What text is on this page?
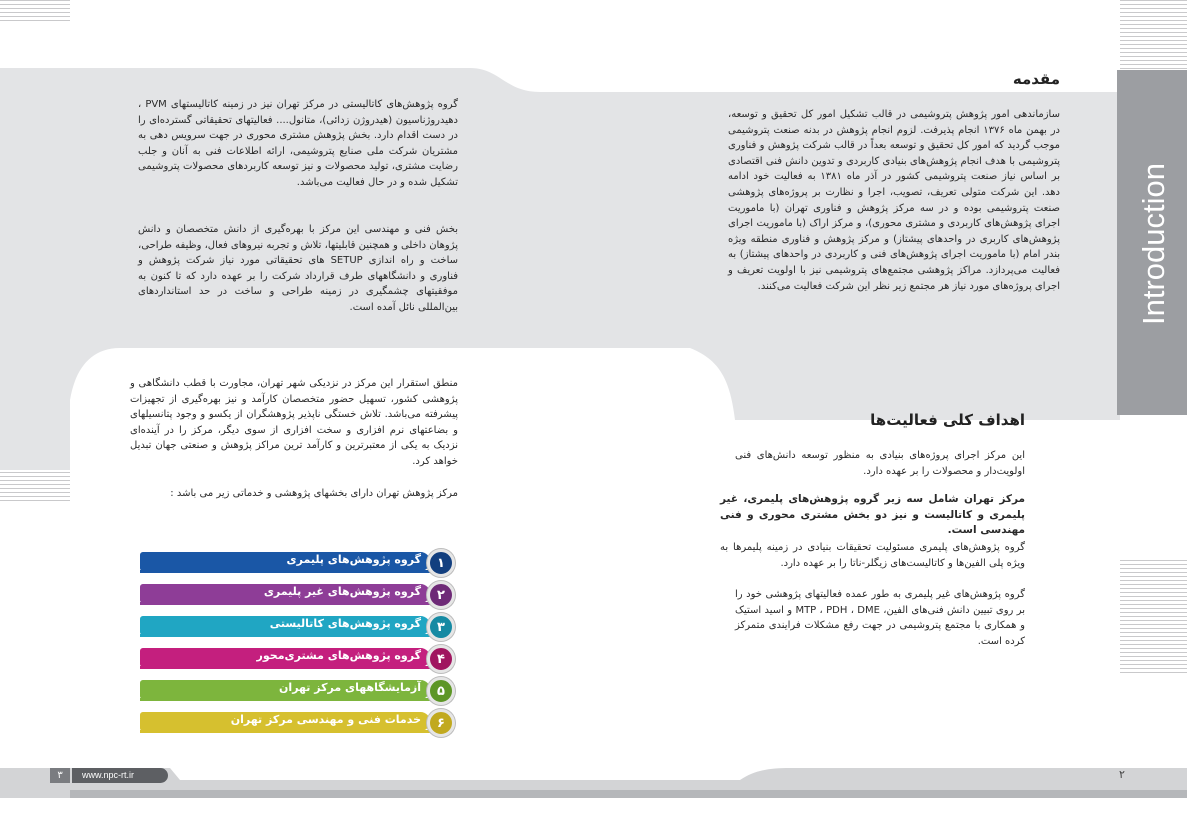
Introduction
مقدمه
سازماندهی امور پژوهش پتروشیمی در قالب تشکیل امور کل تحقیق و توسعه، در بهمن ماه ۱۳۷۶ انجام پذیرفت. لزوم انجام پژوهش در بدنه صنعت پتروشیمی موجب گردید که امور کل تحقیق و توسعه بعداً در قالب شرکت پژوهش و فناوری پتروشیمی با هدف انجام پژوهش‌های بنیادی کاربردی و تدوین دانش فنی اقتصادی بر اساس نیاز صنعت پتروشیمی کشور در آذر ماه ۱۳۸۱ به فعالیت خود ادامه دهد. این شرکت متولی تعریف، تصویب، اجرا و نظارت بر پروژه‌های پژوهشی صنعت پتروشیمی بوده و در سه مرکز پژوهش و فناوری تهران (با ماموریت اجرای پژوهش‌های کاربردی و مشتری محوری)، و مرکز اراک (با ماموریت اجرای پژوهش‌های کاربری در واحدهای پیشتاز) و مرکز پژوهش و فناوری منطقه ویژه بندر امام (با ماموریت اجرای پژوهش‌های فنی و کاربردی در واحدهای پیشتاز) به فعالیت می‌پردازد. مراکز پژوهشی مجتمع‌های پتروشیمی نیز با اولویت تعریف و اجرای پروژه‌های مورد نیاز هر مجتمع زیر نظر این شرکت فعالیت می‌کنند.
اهداف کلی فعالیت‌ها
این مرکز اجرای پروژه‌های بنیادی به منظور توسعه دانش‌های فنی اولویت‌دار و محصولات را بر عهده دارد.
مرکز تهران شامل سه زیر گروه پژوهش‌های پلیمری، غیر پلیمری و کاتالیست و نیز دو بخش مشتری محوری و فنی مهندسی است.
گروه پژوهش‌های پلیمری مسئولیت تحقیقات بنیادی در زمینه پلیمرها به ویژه پلی الفین‌ها و کاتالیست‌های زیگلر-ناتا را بر عهده دارد.
گروه پژوهش‌های غیر پلیمری به طور عمده فعالیتهای پژوهشی خود را بر روی تبیین دانش فنی‌های الفین، MTP ، PDH ، DME و اسید استیک و همکاری با مجتمع پتروشیمی در جهت رفع مشکلات فرایندی متمرکز کرده است.
گروه پژوهش‌های کاتالیستی در مرکز تهران نیز در زمینه کاتالیستهای PVM ، دهیدروژناسیون (هیدروژن زدائی)، متانول.... فعالیتهای تحقیقاتی گسترده‌ای را در دست اقدام دارد. بخش پژوهش مشتری محوری در جهت سرویس دهی به مشتریان شرکت ملی صنایع پتروشیمی، ارائه اطلاعات فنی به آنان و جلب رضایت مشتری، تولید محصولات و نیز توسعه کاربردهای محصولات پتروشیمی تشکیل شده و در حال فعالیت می‌باشد.
بخش فنی و مهندسی این مرکز با بهره‌گیری از دانش متخصصان و دانش پژوهان داخلی و همچنین قابلیتها، تلاش و تجربه نیروهای فعال، وظیفه طراحی، ساخت و راه اندازی SETUP های تحقیقاتی مورد نیاز شرکت پژوهش و فناوری و دانشگاههای طرف قرارداد شرکت را بر عهده دارد که تا کنون به موفقیتهای چشمگیری در زمینه طراحی و ساخت در حد استانداردهای بین‌المللی نائل آمده است.
منطق استقرار این مرکز در نزدیکی شهر تهران، مجاورت با قطب دانشگاهی و پژوهشی کشور، تسهیل حضور متخصصان کارآمد و نیز بهره‌گیری از تجهیزات پیشرفته می‌باشد. تلاش خستگی ناپذیر پژوهشگران از یکسو و وجود پتانسیلهای و بضاعتهای نرم افزاری و سخت افزاری از سوی دیگر، مرکز را در آینده‌ای نزدیک به یکی از معتبرترین و کارآمد ترین مراکز پژوهش و صنعتی جهان تبدیل خواهد کرد.
مرکز پژوهش تهران دارای بخشهای پژوهشی و خدماتی زیر می باشد :
گروه پژوهش‌های پلیمری	۱
گروه پژوهش‌های غیر پلیمری	۲
گروه پژوهش‌های کاتالیستی	۳
گروه پژوهش‌های مشتری‌محور	۴
آزمایشگاههای مرکز تهران	۵
خدمات فنی و مهندسی مرکز تهران	۶
۳	www.npc-rt.ir	۲
